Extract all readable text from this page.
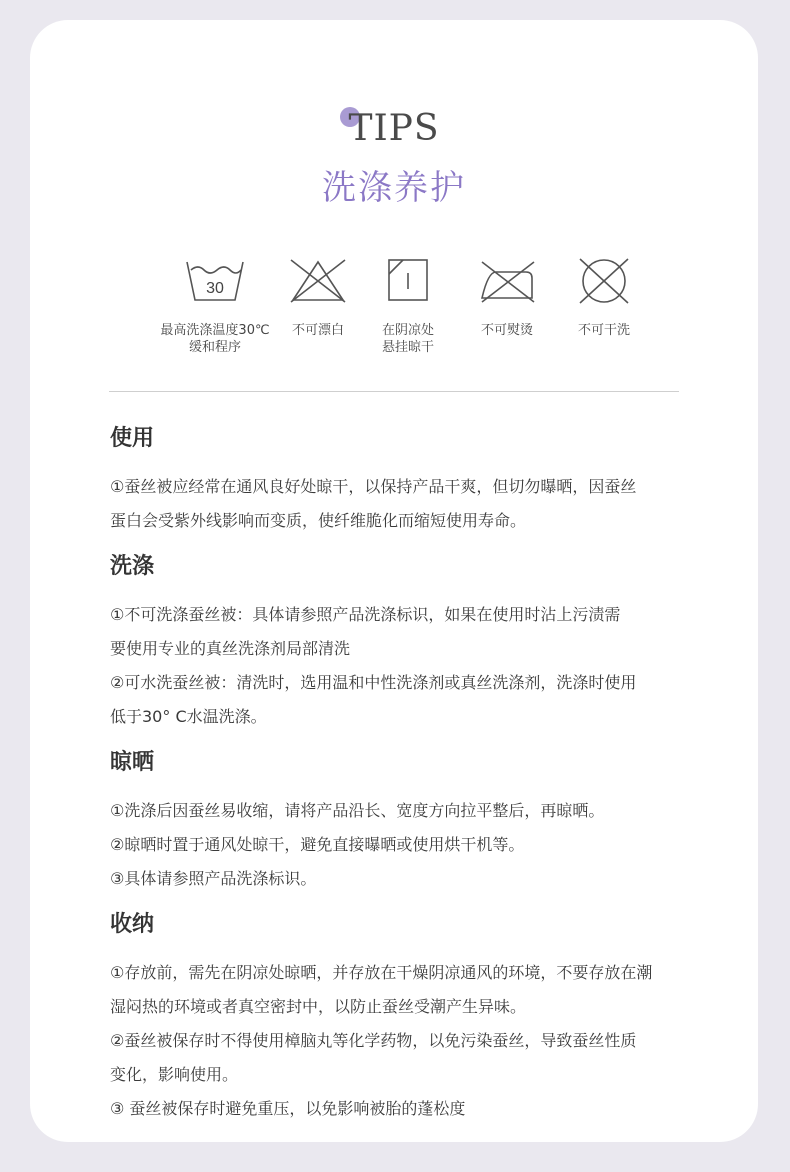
TIPS
洗涤养护
30
最高洗涤温度30℃
缓和程序
不可漂白	在阴凉处
悬挂晾干
不可熨烫	不可干洗
使用

①蚕丝被应经常在通风良好处晾干，以保持产品干爽，但切勿曝晒，因蚕丝

蛋白会受紫外线影响而变质，使纤维脆化而缩短使用寿命。

洗涤

①不可洗涤蚕丝被：具体请参照产品洗涤标识，如果在使用时沾上污渍需

要使用专业的真丝洗涤剂局部清洗

②可水洗蚕丝被：清洗时，选用温和中性洗涤剂或真丝洗涤剂，洗涤时使用

低于30° C水温洗涤。

晾晒

①洗涤后因蚕丝易收缩，请将产品沿长、宽度方向拉平整后，再晾晒。

②晾晒时置于通风处晾干，避免直接曝晒或使用烘干机等。

③具体请参照产品洗涤标识。

收纳

①存放前，需先在阴凉处晾晒，并存放在干燥阴凉通风的环境，不要存放在潮

湿闷热的环境或者真空密封中，以防止蚕丝受潮产生异味。

②蚕丝被保存时不得使用樟脑丸等化学药物，以免污染蚕丝，导致蚕丝性质

变化，影响使用。

③ 蚕丝被保存时避免重压，以免影响被胎的蓬松度
